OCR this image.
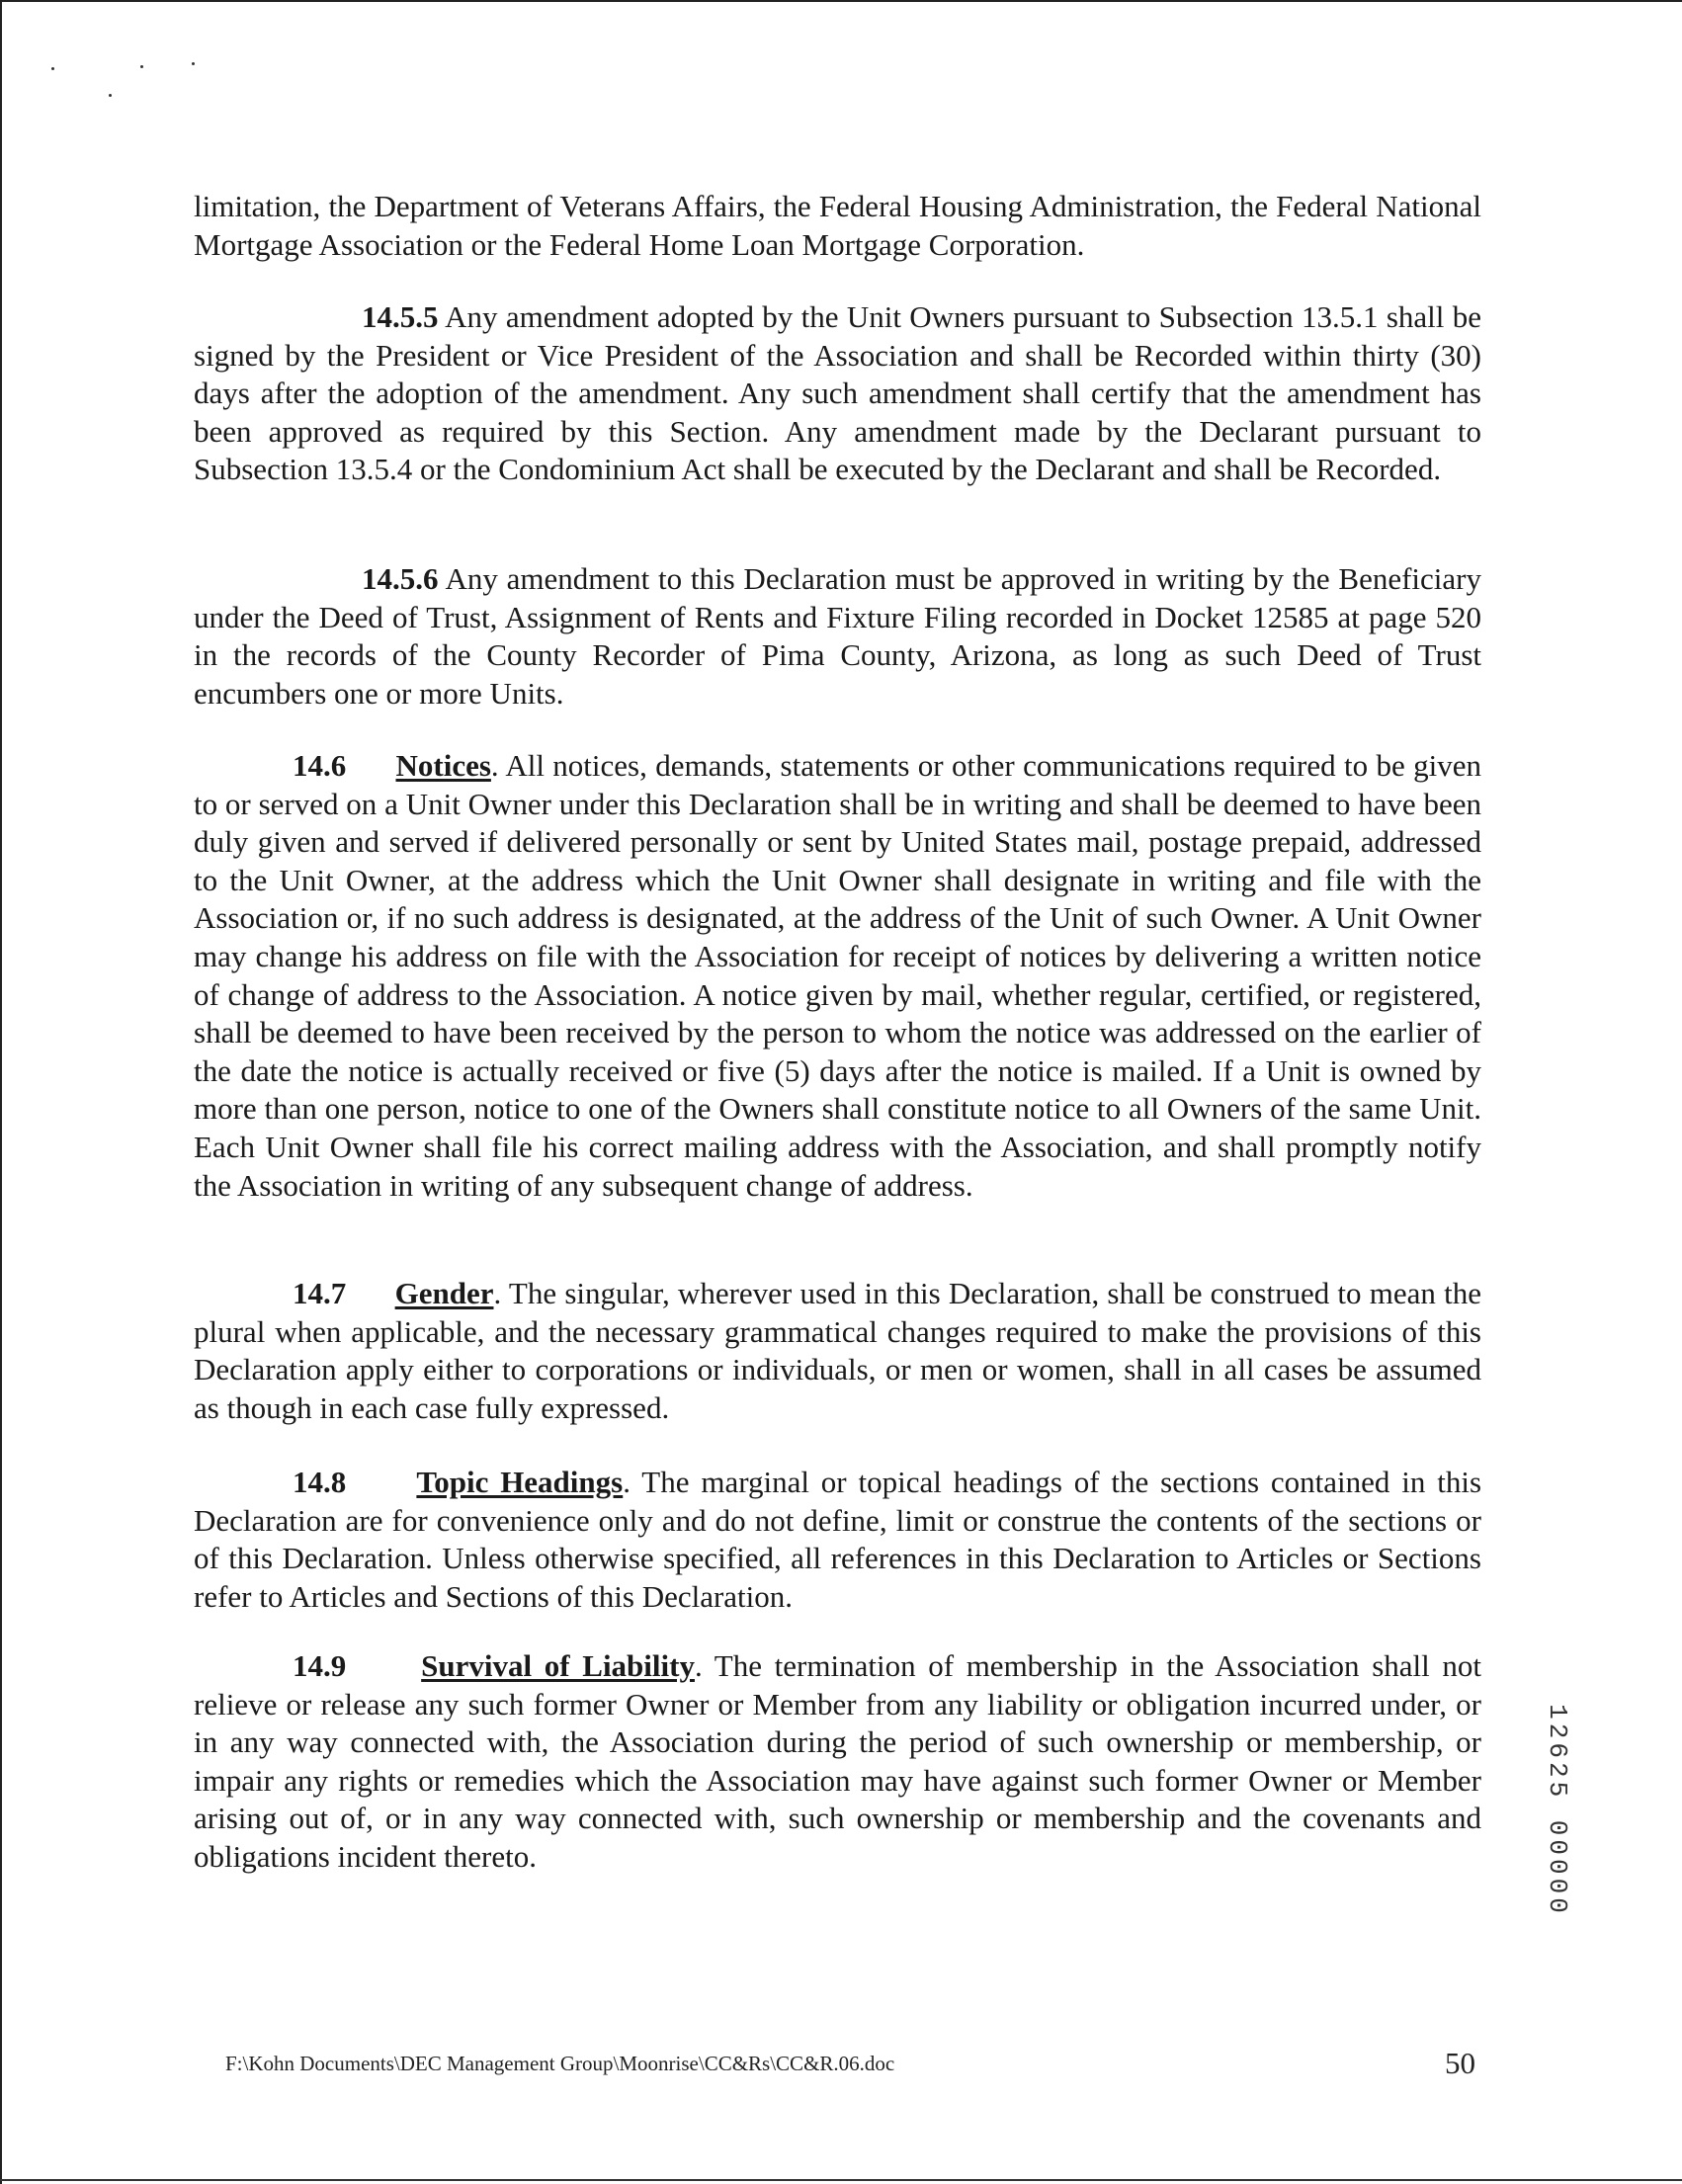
limitation, the Department of Veterans Affairs, the Federal Housing Administration, the Federal National Mortgage Association or the Federal Home Loan Mortgage Corporation.

14.5.5 Any amendment adopted by the Unit Owners pursuant to Subsection 13.5.1 shall be signed by the President or Vice President of the Association and shall be Recorded within thirty (30) days after the adoption of the amendment. Any such amendment shall certify that the amendment has been approved as required by this Section. Any amendment made by the Declarant pursuant to Subsection 13.5.4 or the Condominium Act shall be executed by the Declarant and shall be Recorded.

14.5.6 Any amendment to this Declaration must be approved in writing by the Beneficiary under the Deed of Trust, Assignment of Rents and Fixture Filing recorded in Docket 12585 at page 520 in the records of the County Recorder of Pima County, Arizona, as long as such Deed of Trust encumbers one or more Units.

14.6 Notices. All notices, demands, statements or other communications required to be given to or served on a Unit Owner under this Declaration shall be in writing and shall be deemed to have been duly given and served if delivered personally or sent by United States mail, postage prepaid, addressed to the Unit Owner, at the address which the Unit Owner shall designate in writing and file with the Association or, if no such address is designated, at the address of the Unit of such Owner. A Unit Owner may change his address on file with the Association for receipt of notices by delivering a written notice of change of address to the Association. A notice given by mail, whether regular, certified, or registered, shall be deemed to have been received by the person to whom the notice was addressed on the earlier of the date the notice is actually received or five (5) days after the notice is mailed. If a Unit is owned by more than one person, notice to one of the Owners shall constitute notice to all Owners of the same Unit. Each Unit Owner shall file his correct mailing address with the Association, and shall promptly notify the Association in writing of any subsequent change of address.

14.7 Gender. The singular, wherever used in this Declaration, shall be construed to mean the plural when applicable, and the necessary grammatical changes required to make the provisions of this Declaration apply either to corporations or individuals, or men or women, shall in all cases be assumed as though in each case fully expressed.

14.8 Topic Headings. The marginal or topical headings of the sections contained in this Declaration are for convenience only and do not define, limit or construe the contents of the sections or of this Declaration. Unless otherwise specified, all references in this Declaration to Articles or Sections refer to Articles and Sections of this Declaration.

14.9 Survival of Liability. The termination of membership in the Association shall not relieve or release any such former Owner or Member from any liability or obligation incurred under, or in any way connected with, the Association during the period of such ownership or membership, or impair any rights or remedies which the Association may have against such former Owner or Member arising out of, or in any way connected with, such ownership or membership and the covenants and obligations incident thereto.	12625 00000
F:\Kohn Documents\DEC Management Group\Moonrise\CC&Rs\CC&R.06.doc	50
